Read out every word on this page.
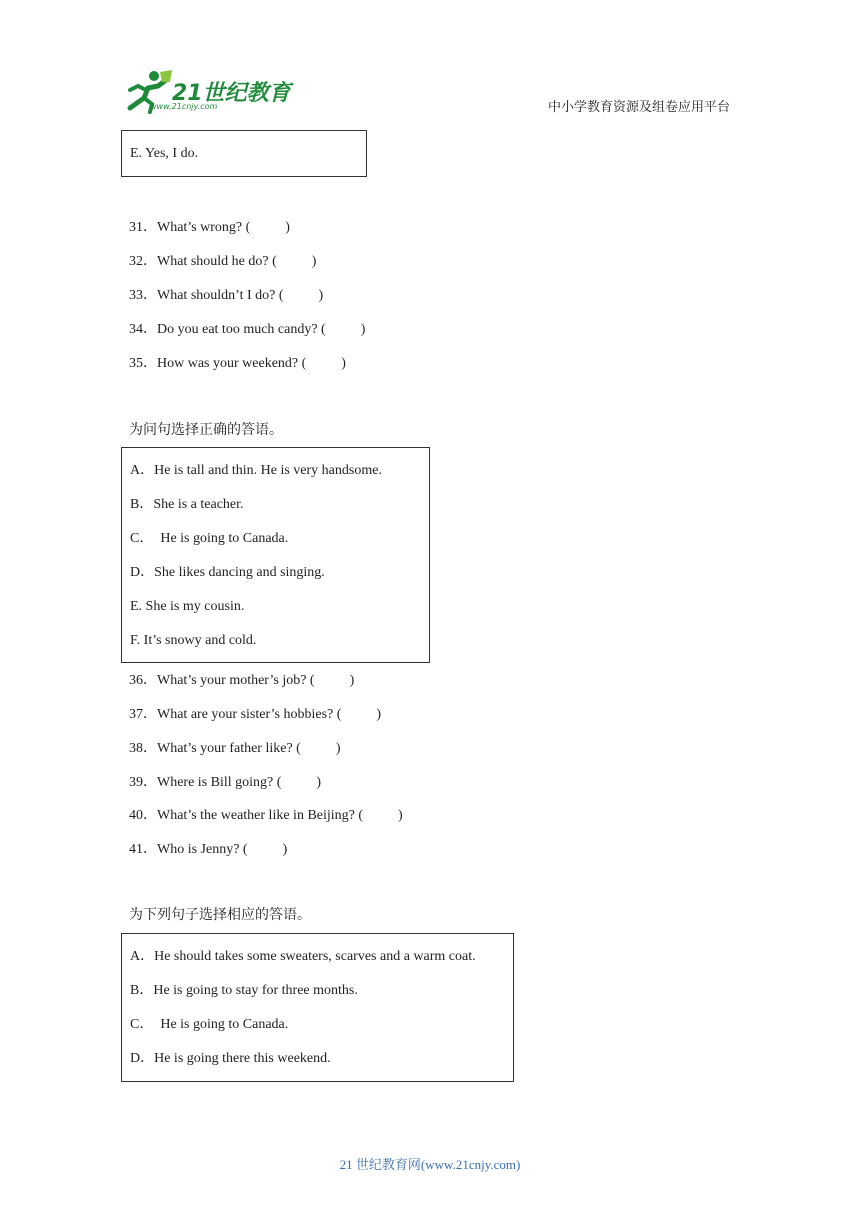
21世纪教育
www.21cnjy.com	中小学教育资源及组卷应用平台
E. Yes, I do.
31．What’s wrong? (          )
32．What should he do? (          )
33．What shouldn’t I do? (          )
34．Do you eat too much candy? (          )
35．How was your weekend? (          )
为问句选择正确的答语。
A．He is tall and thin. He is very handsome.
B．She is a teacher.
C．  He is going to Canada.
D．She likes dancing and singing.
E. She is my cousin.
F. It’s snowy and cold.
36．What’s your mother’s job? (          )
37．What are your sister’s hobbies? (          )
38．What’s your father like? (          )
39．Where is Bill going? (          )
40．What’s the weather like in Beijing? (          )
41．Who is Jenny? (          )
为下列句子选择相应的答语。
A．He should takes some sweaters, scarves and a warm coat.
B．He is going to stay for three months.
C．  He is going to Canada.
D．He is going there this weekend.
21 世纪教育网(www.21cnjy.com)
